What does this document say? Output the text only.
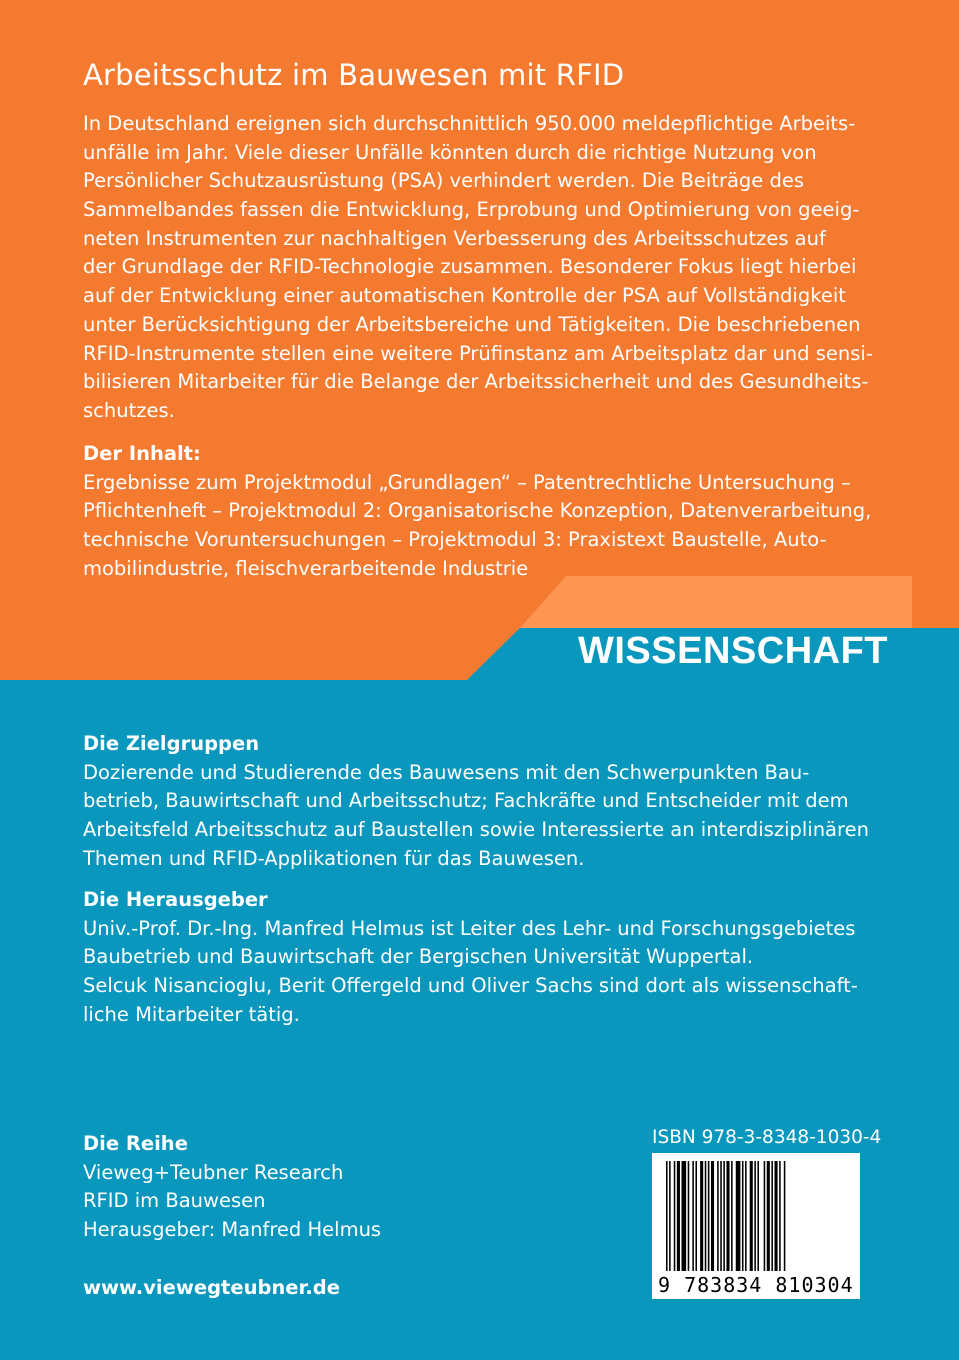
Arbeitsschutz im Bauwesen mit RFID
In Deutschland ereignen sich durchschnittlich 950.000 meldepflichtige Arbeits-
unfälle im Jahr. Viele dieser Unfälle könnten durch die richtige Nutzung von
Persönlicher Schutzausrüstung (PSA) verhindert werden. Die Beiträge des
Sammelbandes fassen die Entwicklung, Erprobung und Optimierung von geeig-
neten Instrumenten zur nachhaltigen Verbesserung des Arbeitsschutzes auf
der Grundlage der RFID-Technologie zusammen. Besonderer Fokus liegt hierbei
auf der Entwicklung einer automatischen Kontrolle der PSA auf Vollständigkeit
unter Berücksichtigung der Arbeitsbereiche und Tätigkeiten. Die beschriebenen
RFID-Instrumente stellen eine weitere Prüfinstanz am Arbeitsplatz dar und sensi-
bilisieren Mitarbeiter für die Belange der Arbeitssicherheit und des Gesundheits-
schutzes.
Der Inhalt:
Ergebnisse zum Projektmodul „Grundlagen“ – Patentrechtliche Untersuchung –
Pflichtenheft – Projektmodul 2: Organisatorische Konzeption, Datenverarbeitung,
technische Voruntersuchungen – Projektmodul 3: Praxistext Baustelle, Auto-
mobilindustrie, fleischverarbeitende Industrie
WISSENSCHAFT
Die Zielgruppen
Dozierende und Studierende des Bauwesens mit den Schwerpunkten Bau-
betrieb, Bauwirtschaft und Arbeitsschutz; Fachkräfte und Entscheider mit dem
Arbeitsfeld Arbeitsschutz auf Baustellen sowie Interessierte an interdisziplinären
Themen und RFID-Applikationen für das Bauwesen.
Die Herausgeber
Univ.-Prof. Dr.-Ing. Manfred Helmus ist Leiter des Lehr- und Forschungsgebietes
Baubetrieb und Bauwirtschaft der Bergischen Universität Wuppertal.
Selcuk Nisancioglu, Berit Offergeld und Oliver Sachs sind dort als wissenschaft-
liche Mitarbeiter tätig.
Die Reihe
Vieweg+Teubner Research
RFID im Bauwesen
Herausgeber: Manfred Helmus
www.viewegteubner.de
ISBN 978-3-8348-1030-4
9 783834 810304
